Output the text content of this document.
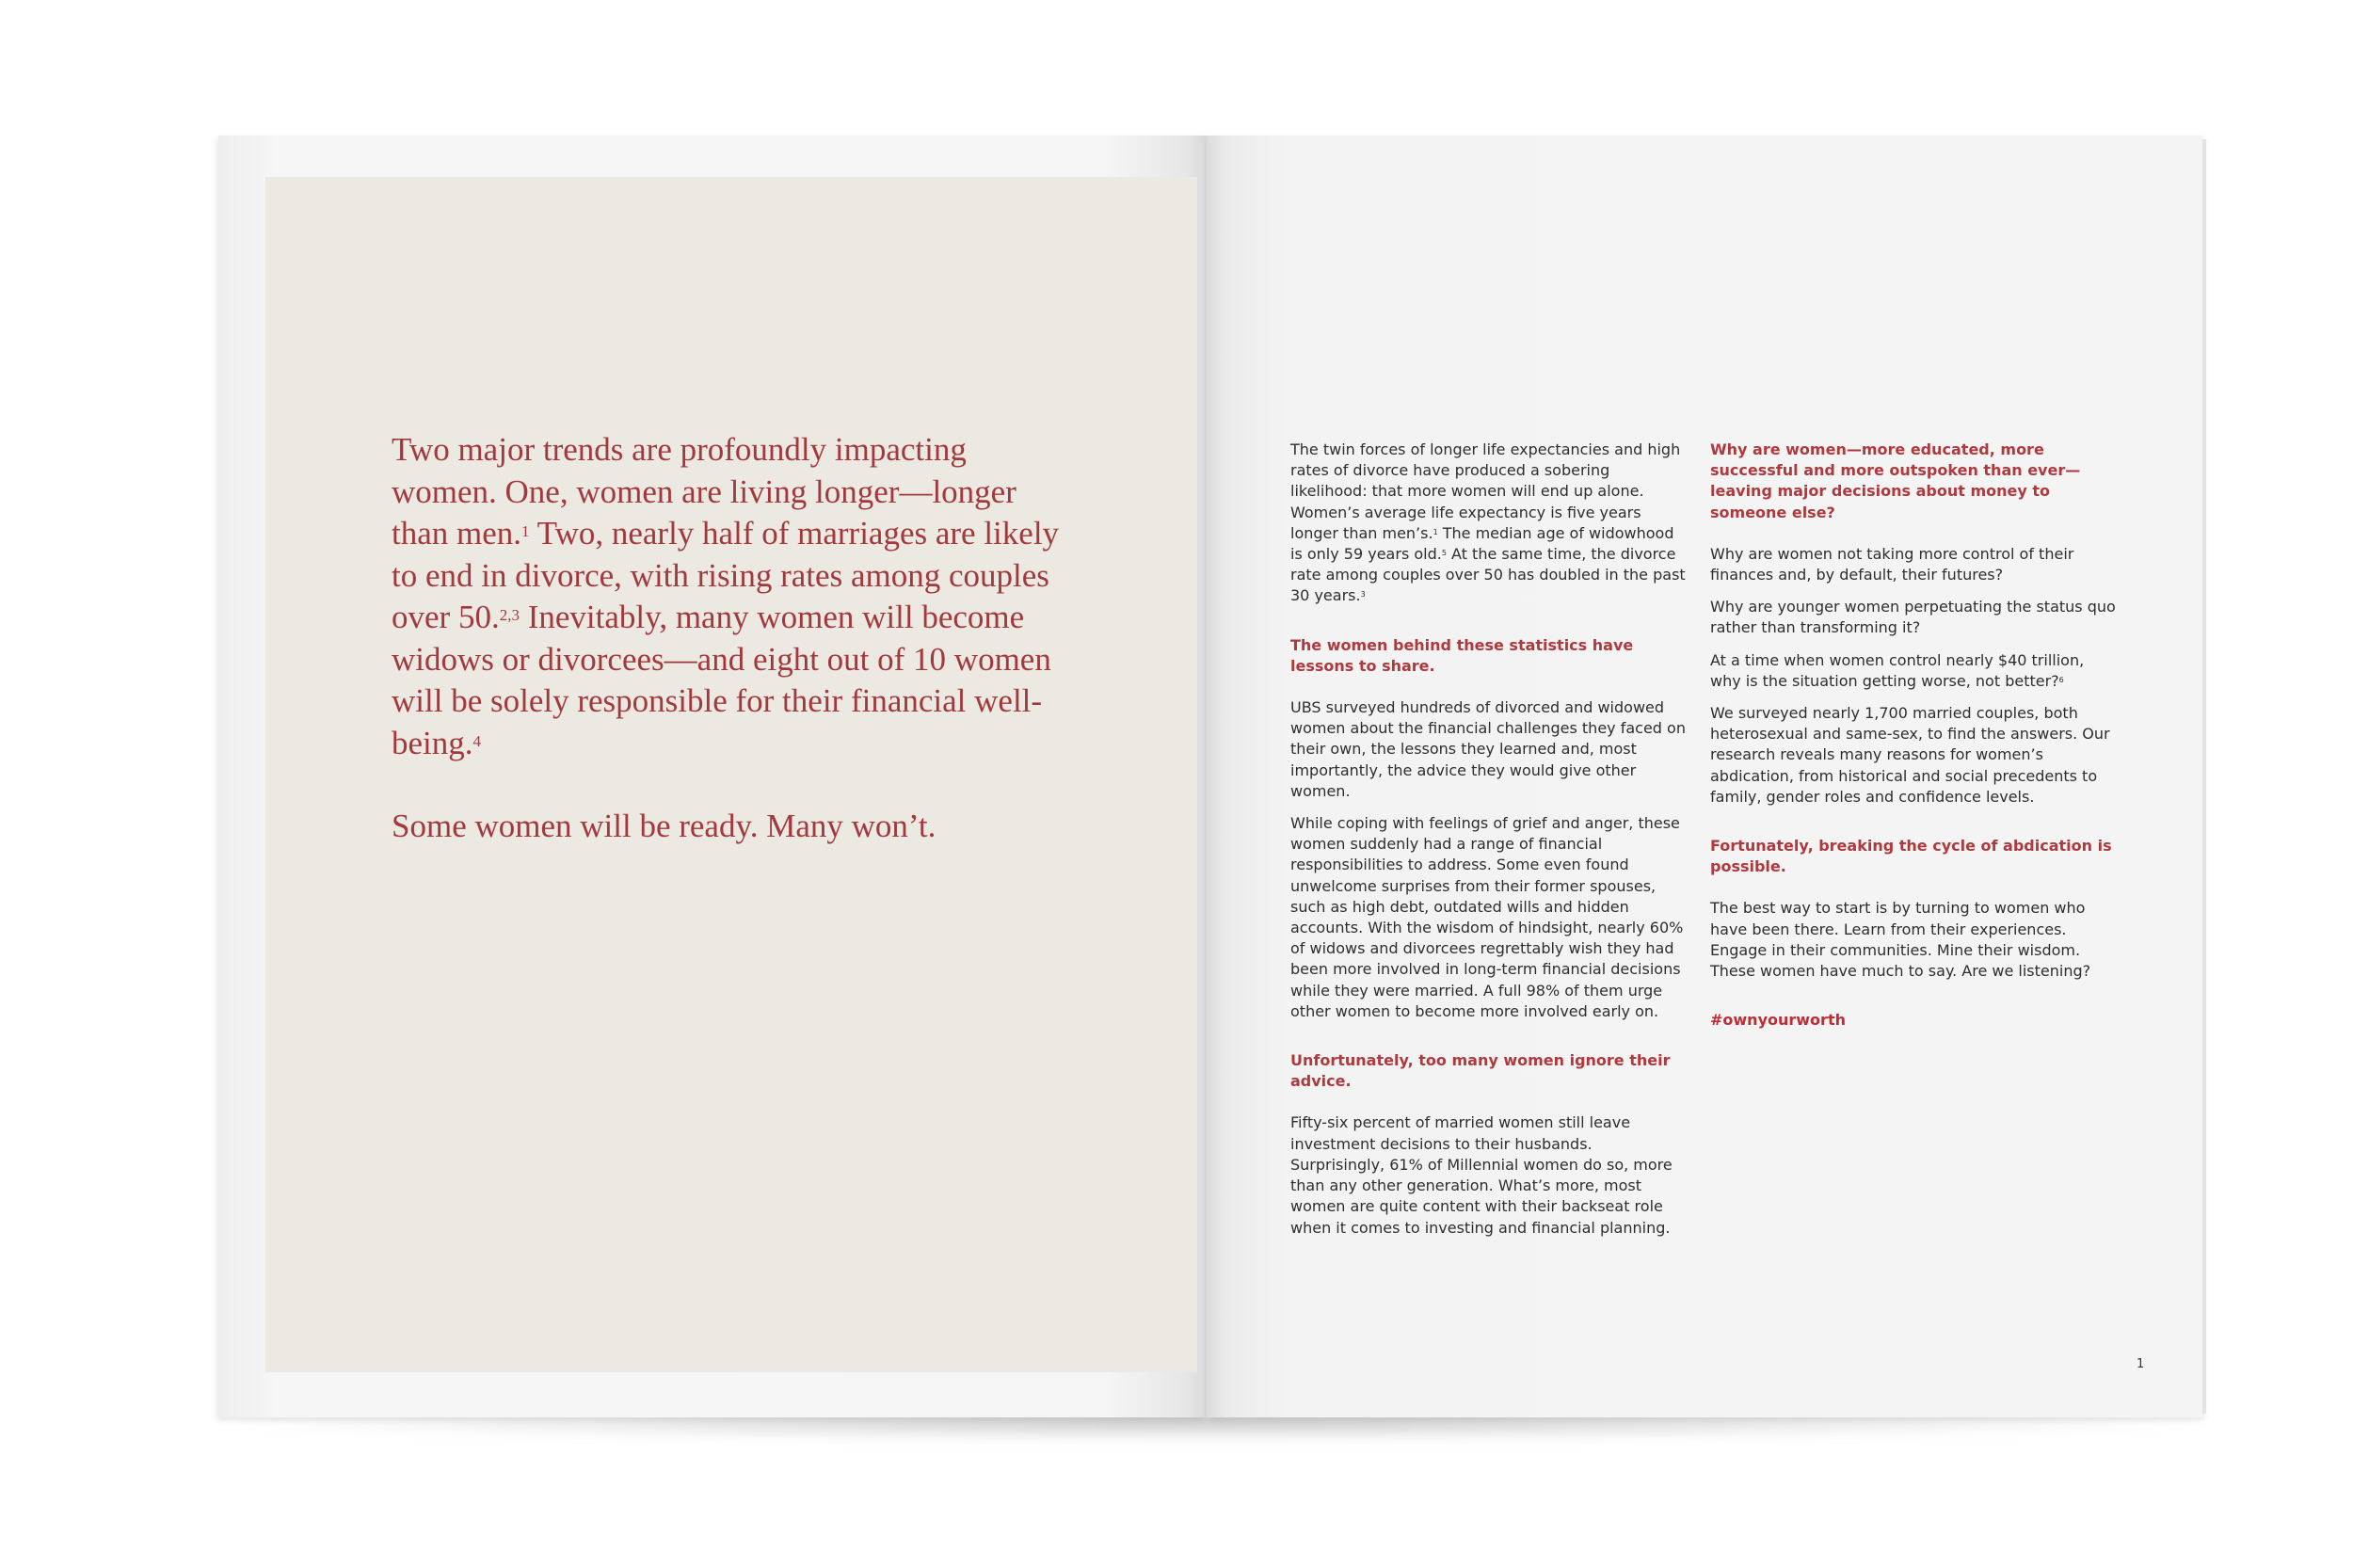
Two major trends are profoundly impacting women. One, women are living longer—longer than men.$^1$ Two, nearly half of marriages are likely to end in divorce, with rising rates among couples over 50.$^{2,3}$ Inevitably, many women will become widows or divorcees—and eight out of 10 women will be solely responsible for their financial well-being.$^4$

Some women will be ready. Many won’t.

The twin forces of longer life expectancies and high rates of divorce have produced a sobering likelihood: that more women will end up alone. Women’s average life expectancy is five years longer than men’s.$^1$ The median age of widowhood is only 59 years old.$^5$ At the same time, the divorce rate among couples over 50 has doubled in the past 30 years.$^3$

The women behind these statistics have lessons to share.

UBS surveyed hundreds of divorced and widowed women about the financial challenges they faced on their own, the lessons they learned and, most importantly, the advice they would give other women.

While coping with feelings of grief and anger, these women suddenly had a range of financial responsibilities to address. Some even found unwelcome surprises from their former spouses, such as high debt, outdated wills and hidden accounts. With the wisdom of hindsight, nearly 60% of widows and divorcees regrettably wish they had been more involved in long-term financial decisions while they were married. A full 98% of them urge other women to become more involved early on.

Unfortunately, too many women ignore their advice.

Fifty-six percent of married women still leave investment decisions to their husbands. Surprisingly, 61% of Millennial women do so, more than any other generation. What’s more, most women are quite content with their backseat role when it comes to investing and financial planning.

Why are women—more educated, more successful and more outspoken than ever—leaving major decisions about money to someone else?

Why are women not taking more control of their finances and, by default, their futures?

Why are younger women perpetuating the status quo rather than transforming it?

At a time when women control nearly $40 trillion, why is the situation getting worse, not better?$^6$

We surveyed nearly 1,700 married couples, both heterosexual and same-sex, to find the answers. Our research reveals many reasons for women’s abdication, from historical and social precedents to family, gender roles and confidence levels.

Fortunately, breaking the cycle of abdication is possible.

The best way to start is by turning to women who have been there. Learn from their experiences. Engage in their communities. Mine their wisdom. These women have much to say. Are we listening?

#ownyourworth

1
